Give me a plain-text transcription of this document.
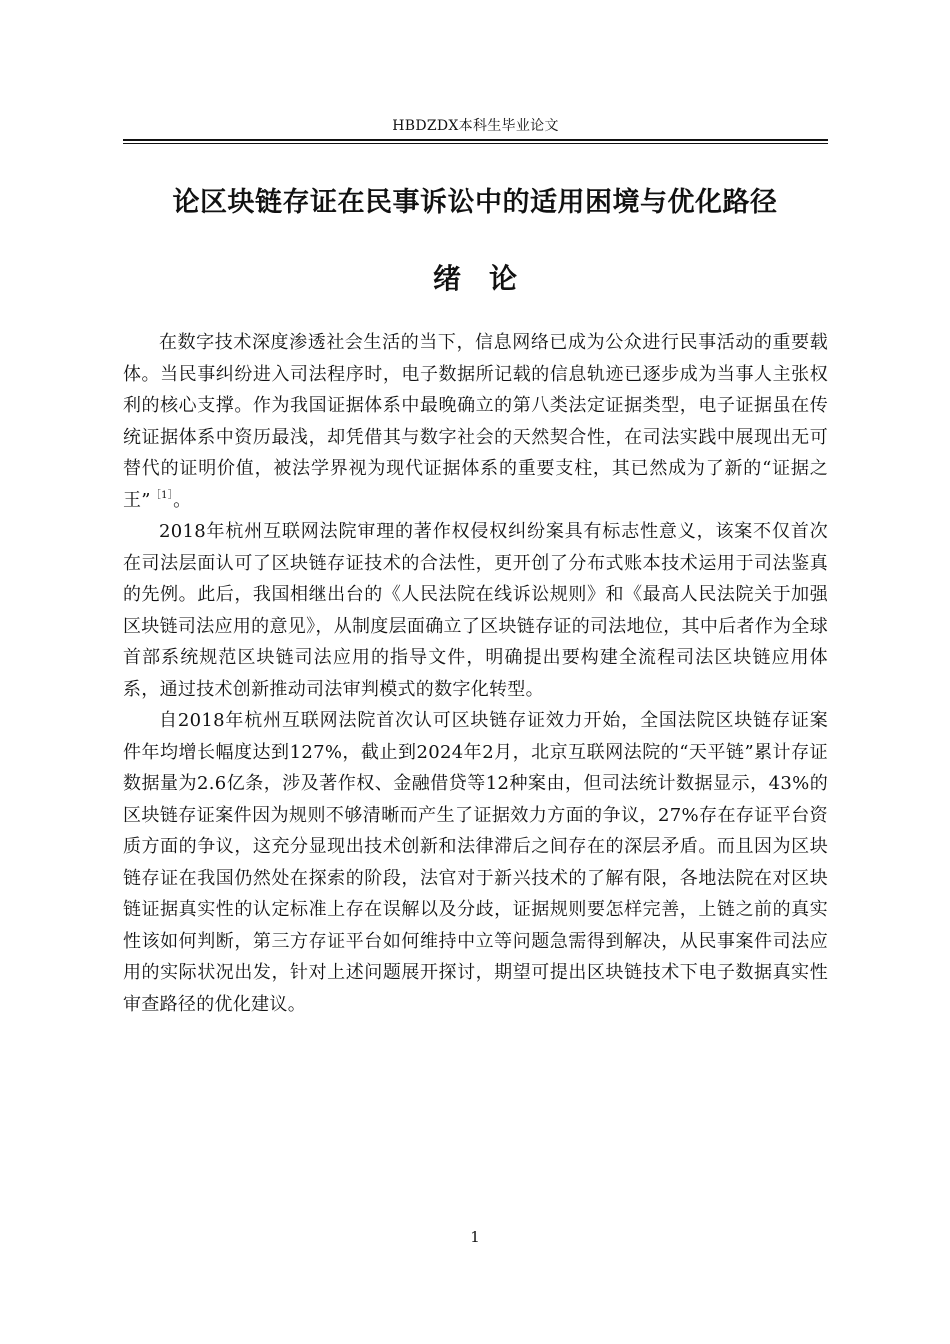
HBDZDX本科生毕业论文
论区块链存证在民事诉讼中的适用困境与优化路径
绪　论

在数字技术深度渗透社会生活的当下，信息网络已成为公众进行民事活动的重要载体。当民事纠纷进入司法程序时，电子数据所记载的信息轨迹已逐步成为当事人主张权利的核心支撑。作为我国证据体系中最晚确立的第八类法定证据类型，电子证据虽在传统证据体系中资历最浅，却凭借其与数字社会的天然契合性，在司法实践中展现出无可替代的证明价值，被法学界视为现代证据体系的重要支柱，其已然成为了新的“证据之王”$^{[1]}$。

2018年杭州互联网法院审理的著作权侵权纠纷案具有标志性意义，该案不仅首次在司法层面认可了区块链存证技术的合法性，更开创了分布式账本技术运用于司法鉴真的先例。此后，我国相继出台的《人民法院在线诉讼规则》和《最高人民法院关于加强区块链司法应用的意见》，从制度层面确立了区块链存证的司法地位，其中后者作为全球首部系统规范区块链司法应用的指导文件，明确提出要构建全流程司法区块链应用体系，通过技术创新推动司法审判模式的数字化转型。

自2018年杭州互联网法院首次认可区块链存证效力开始，全国法院区块链存证案件年均增长幅度达到127%，截止到2024年2月，北京互联网法院的“天平链”累计存证数据量为2.6亿条，涉及著作权、金融借贷等12种案由，但司法统计数据显示，43%的区块链存证案件因为规则不够清晰而产生了证据效力方面的争议，27%存在存证平台资质方面的争议，这充分显现出技术创新和法律滞后之间存在的深层矛盾。而且因为区块链存证在我国仍然处在探索的阶段，法官对于新兴技术的了解有限，各地法院在对区块链证据真实性的认定标准上存在误解以及分歧，证据规则要怎样完善，上链之前的真实性该如何判断，第三方存证平台如何维持中立等问题急需得到解决，从民事案件司法应用的实际状况出发，针对上述问题展开探讨，期望可提出区块链技术下电子数据真实性审查路径的优化建议。

1
